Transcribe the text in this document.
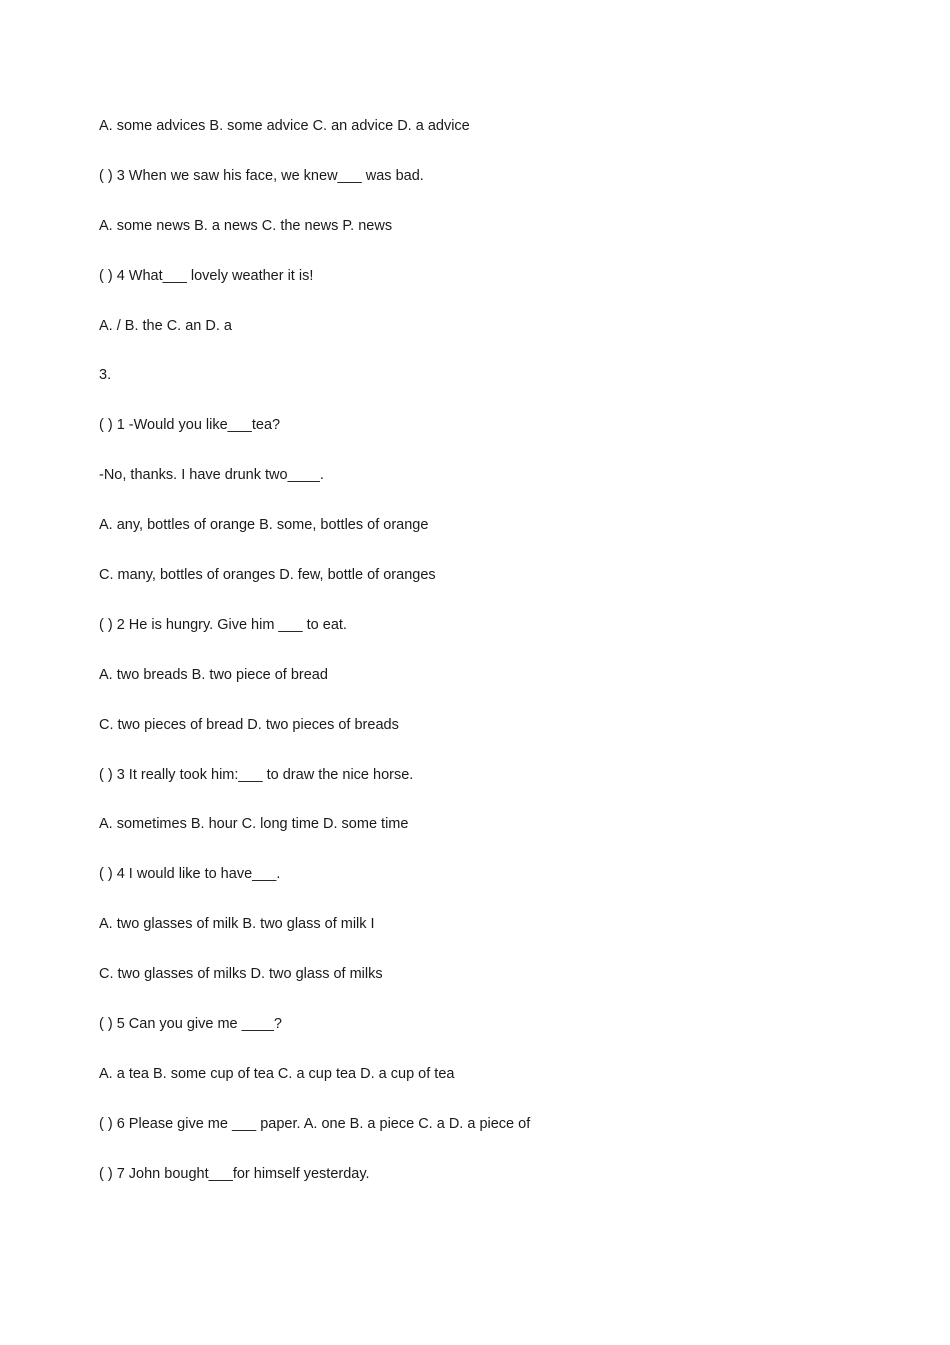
A. some advices B. some advice C. an advice D. a advice
( ) 3 When we saw his face, we knew___ was bad.
A. some news B. a news C. the news P. news
( ) 4 What___ lovely weather it is!
A. / B. the C. an D. a
3.
( ) 1 -Would you like___tea?
-No, thanks. I have drunk two____.
A. any, bottles of orange B. some, bottles of orange
C. many, bottles of oranges D. few, bottle of oranges
( ) 2 He is hungry. Give him ___ to eat.
A. two breads B. two piece of bread
C. two pieces of bread D. two pieces of breads
( ) 3 It really took him:___ to draw the nice horse.
A. sometimes B. hour C. long time D. some time
( ) 4 I would like to have___.
A. two glasses of milk B. two glass of milk I
C. two glasses of milks D. two glass of milks
( ) 5 Can you give me ____?
A. a tea B. some cup of tea C. a cup tea D. a cup of tea
( ) 6 Please give me ___ paper. A. one B. a piece C. a D. a piece of
( ) 7 John bought___for himself yesterday.
